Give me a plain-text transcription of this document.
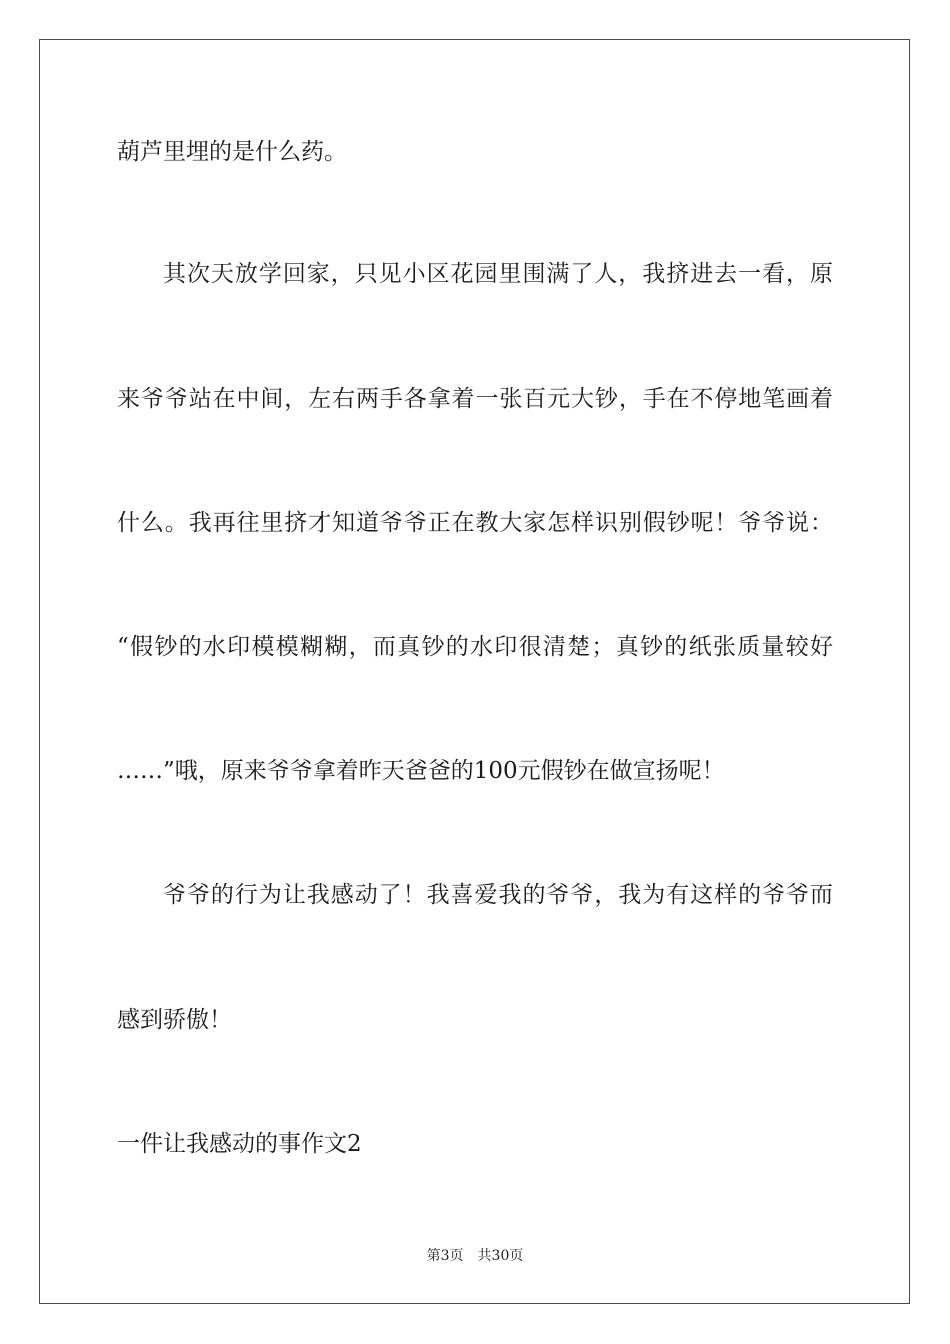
葫芦里埋的是什么药。

其次天放学回家，只见小区花园里围满了人，我挤进去一看，原

来爷爷站在中间，左右两手各拿着一张百元大钞，手在不停地笔画着

什么。我再往里挤才知道爷爷正在教大家怎样识别假钞呢！爷爷说：

“假钞的水印模模糊糊，而真钞的水印很清楚；真钞的纸张质量较好

……”哦，原来爷爷拿着昨天爸爸的100元假钞在做宣扬呢！

爷爷的行为让我感动了！我喜爱我的爷爷，我为有这样的爷爷而

感到骄傲！

一件让我感动的事作文2

第3页 共30页
